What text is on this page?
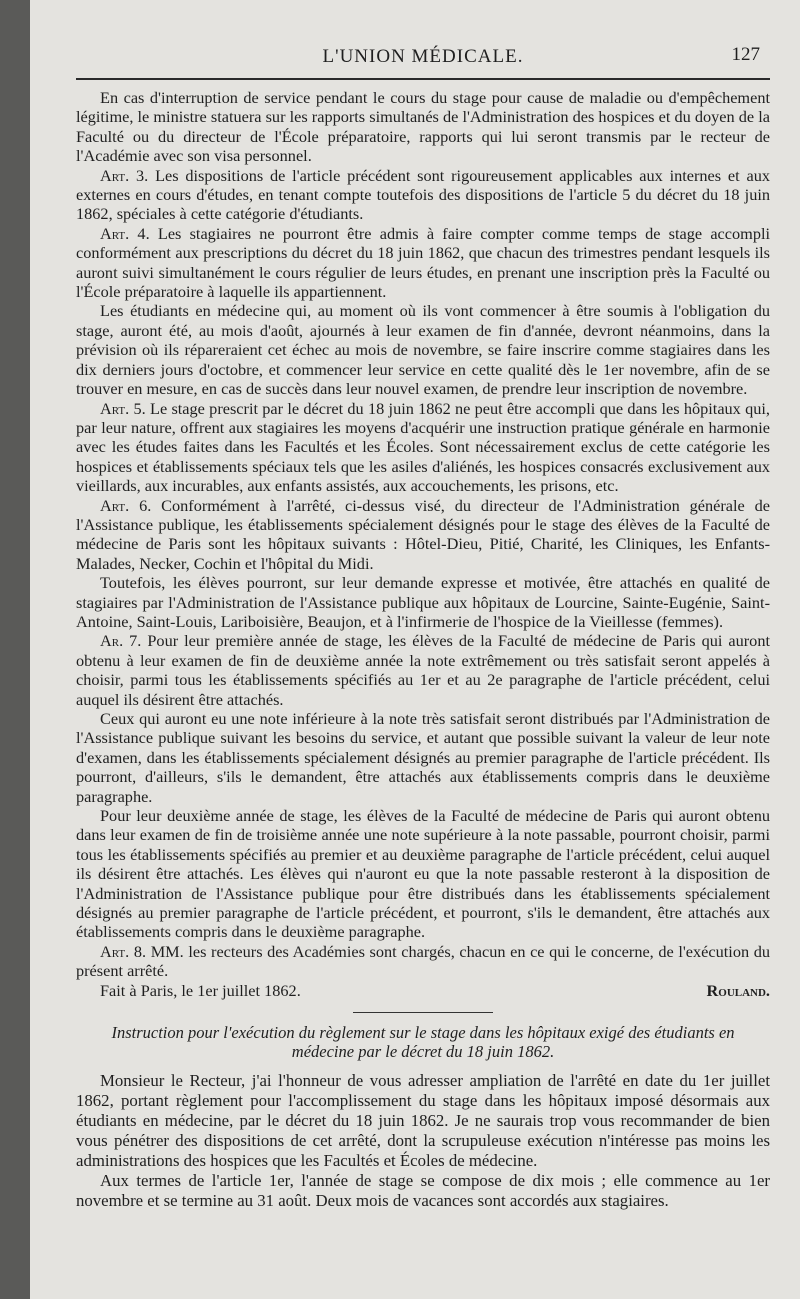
L'UNION MÉDICALE.	127

En cas d'interruption de service pendant le cours du stage pour cause de maladie ou d'empêchement légitime, le ministre statuera sur les rapports simultanés de l'Administration des hospices et du doyen de la Faculté ou du directeur de l'École préparatoire, rapports qui lui seront transmis par le recteur de l'Académie avec son visa personnel.

Art. 3. Les dispositions de l'article précédent sont rigoureusement applicables aux internes et aux externes en cours d'études, en tenant compte toutefois des dispositions de l'article 5 du décret du 18 juin 1862, spéciales à cette catégorie d'étudiants.

Art. 4. Les stagiaires ne pourront être admis à faire compter comme temps de stage accompli conformément aux prescriptions du décret du 18 juin 1862, que chacun des trimestres pendant lesquels ils auront suivi simultanément le cours régulier de leurs études, en prenant une inscription près la Faculté ou l'École préparatoire à laquelle ils appartiennent.

Les étudiants en médecine qui, au moment où ils vont commencer à être soumis à l'obligation du stage, auront été, au mois d'août, ajournés à leur examen de fin d'année, devront néanmoins, dans la prévision où ils répareraient cet échec au mois de novembre, se faire inscrire comme stagiaires dans les dix derniers jours d'octobre, et commencer leur service en cette qualité dès le 1er novembre, afin de se trouver en mesure, en cas de succès dans leur nouvel examen, de prendre leur inscription de novembre.

Art. 5. Le stage prescrit par le décret du 18 juin 1862 ne peut être accompli que dans les hôpitaux qui, par leur nature, offrent aux stagiaires les moyens d'acquérir une instruction pratique générale en harmonie avec les études faites dans les Facultés et les Écoles. Sont nécessairement exclus de cette catégorie les hospices et établissements spéciaux tels que les asiles d'aliénés, les hospices consacrés exclusivement aux vieillards, aux incurables, aux enfants assistés, aux accouchements, les prisons, etc.

Art. 6. Conformément à l'arrêté, ci-dessus visé, du directeur de l'Administration générale de l'Assistance publique, les établissements spécialement désignés pour le stage des élèves de la Faculté de médecine de Paris sont les hôpitaux suivants : Hôtel-Dieu, Pitié, Charité, les Cliniques, les Enfants-Malades, Necker, Cochin et l'hôpital du Midi.

Toutefois, les élèves pourront, sur leur demande expresse et motivée, être attachés en qualité de stagiaires par l'Administration de l'Assistance publique aux hôpitaux de Lourcine, Sainte-Eugénie, Saint-Antoine, Saint-Louis, Lariboisière, Beaujon, et à l'infirmerie de l'hospice de la Vieillesse (femmes).

Ar. 7. Pour leur première année de stage, les élèves de la Faculté de médecine de Paris qui auront obtenu à leur examen de fin de deuxième année la note extrêmement ou très satisfait seront appelés à choisir, parmi tous les établissements spécifiés au 1er et au 2e paragraphe de l'article précédent, celui auquel ils désirent être attachés.

Ceux qui auront eu une note inférieure à la note très satisfait seront distribués par l'Administration de l'Assistance publique suivant les besoins du service, et autant que possible suivant la valeur de leur note d'examen, dans les établissements spécialement désignés au premier paragraphe de l'article précédent. Ils pourront, d'ailleurs, s'ils le demandent, être attachés aux établissements compris dans le deuxième paragraphe.

Pour leur deuxième année de stage, les élèves de la Faculté de médecine de Paris qui auront obtenu dans leur examen de fin de troisième année une note supérieure à la note passable, pourront choisir, parmi tous les établissements spécifiés au premier et au deuxième paragraphe de l'article précédent, celui auquel ils désirent être attachés. Les élèves qui n'auront eu que la note passable resteront à la disposition de l'Administration de l'Assistance publique pour être distribués dans les établissements spécialement désignés au premier paragraphe de l'article précédent, et pourront, s'ils le demandent, être attachés aux établissements compris dans le deuxième paragraphe.

Art. 8. MM. les recteurs des Académies sont chargés, chacun en ce qui le concerne, de l'exécution du présent arrêté.

Fait à Paris, le 1er juillet 1862.	Rouland.

Instruction pour l'exécution du règlement sur le stage dans les hôpitaux exigé des étudiants en médecine par le décret du 18 juin 1862.

Monsieur le Recteur, j'ai l'honneur de vous adresser ampliation de l'arrêté en date du 1er juillet 1862, portant règlement pour l'accomplissement du stage dans les hôpitaux imposé désormais aux étudiants en médecine, par le décret du 18 juin 1862. Je ne saurais trop vous recommander de bien vous pénétrer des dispositions de cet arrêté, dont la scrupuleuse exécution n'intéresse pas moins les administrations des hospices que les Facultés et Écoles de médecine.

Aux termes de l'article 1er, l'année de stage se compose de dix mois ; elle commence au 1er novembre et se termine au 31 août. Deux mois de vacances sont accordés aux stagiaires.
